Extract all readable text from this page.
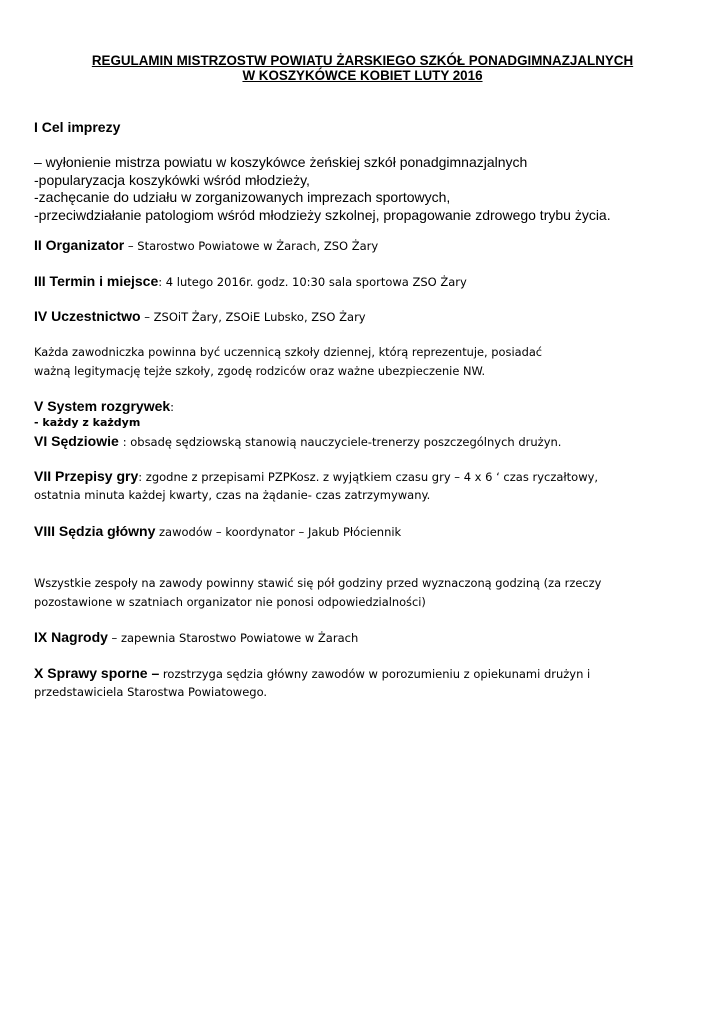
REGULAMIN MISTRZOSTW POWIATU ŻARSKIEGO SZKÓŁ PONADGIMNAZJALNYCH
W KOSZYKÓWCE KOBIET LUTY 2016
I Cel imprezy
– wyłonienie mistrza powiatu w koszykówce żeńskiej szkół ponadgimnazjalnych
-popularyzacja koszykówki wśród młodzieży,
-zachęcanie do udziału w zorganizowanych imprezach sportowych,
-przeciwdziałanie patologiom wśród młodzieży szkolnej, propagowanie zdrowego trybu życia.
II Organizator – Starostwo Powiatowe w Żarach, ZSO Żary
III Termin i miejsce: 4 lutego 2016r. godz. 10:30 sala sportowa ZSO Żary
IV Uczestnictwo – ZSOiT Żary, ZSOiE Lubsko, ZSO Żary
Każda zawodniczka powinna być uczennicą szkoły dziennej, którą reprezentuje, posiadać
ważną legitymację tejże szkoły, zgodę rodziców oraz ważne ubezpieczenie NW.
V System rozgrywek:
- każdy z każdym
VI Sędziowie : obsadę sędziowską stanowią nauczyciele-trenerzy poszczególnych drużyn.
VII Przepisy gry: zgodne z przepisami PZPKosz. z wyjątkiem czasu gry – 4 x 6 ‘ czas ryczałtowy,
ostatnia minuta każdej kwarty, czas na żądanie- czas zatrzymywany.
VIII Sędzia główny zawodów – koordynator – Jakub Płóciennik
Wszystkie zespoły na zawody powinny stawić się pół godziny przed wyznaczoną godziną (za rzeczy
pozostawione w szatniach organizator nie ponosi odpowiedzialności)
IX Nagrody – zapewnia Starostwo Powiatowe w Żarach
X Sprawy sporne – rozstrzyga sędzia główny zawodów w porozumieniu z opiekunami drużyn i
przedstawiciela Starostwa Powiatowego.
